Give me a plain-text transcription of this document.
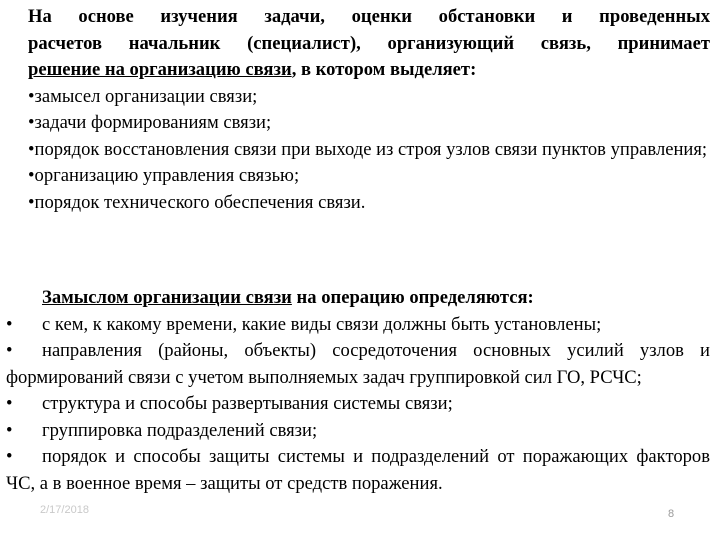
На основе изучения задачи, оценки обстановки и проведенных
расчетов начальник (специалист), организующий связь, принимает
решение на организацию связи, в котором выделяет:
•замысел организации связи;
•задачи формированиям связи;
•порядок восстановления связи при выходе из строя узлов связи пунктов управления;
•организацию управления связью;
•порядок технического обеспечения связи.
Замыслом организации связи на операцию определяются:
• с кем, к какому времени, какие виды связи должны быть установлены;
• направления (районы, объекты) сосредоточения основных усилий узлов и формирований связи с учетом выполняемых задач группировкой сил ГО, РСЧС;
• структура и способы развертывания системы связи;
• группировка подразделений связи;
• порядок и способы защиты системы и подразделений от поражающих факторов ЧС, а в военное время – защиты от средств поражения.
2/17/2018	8
